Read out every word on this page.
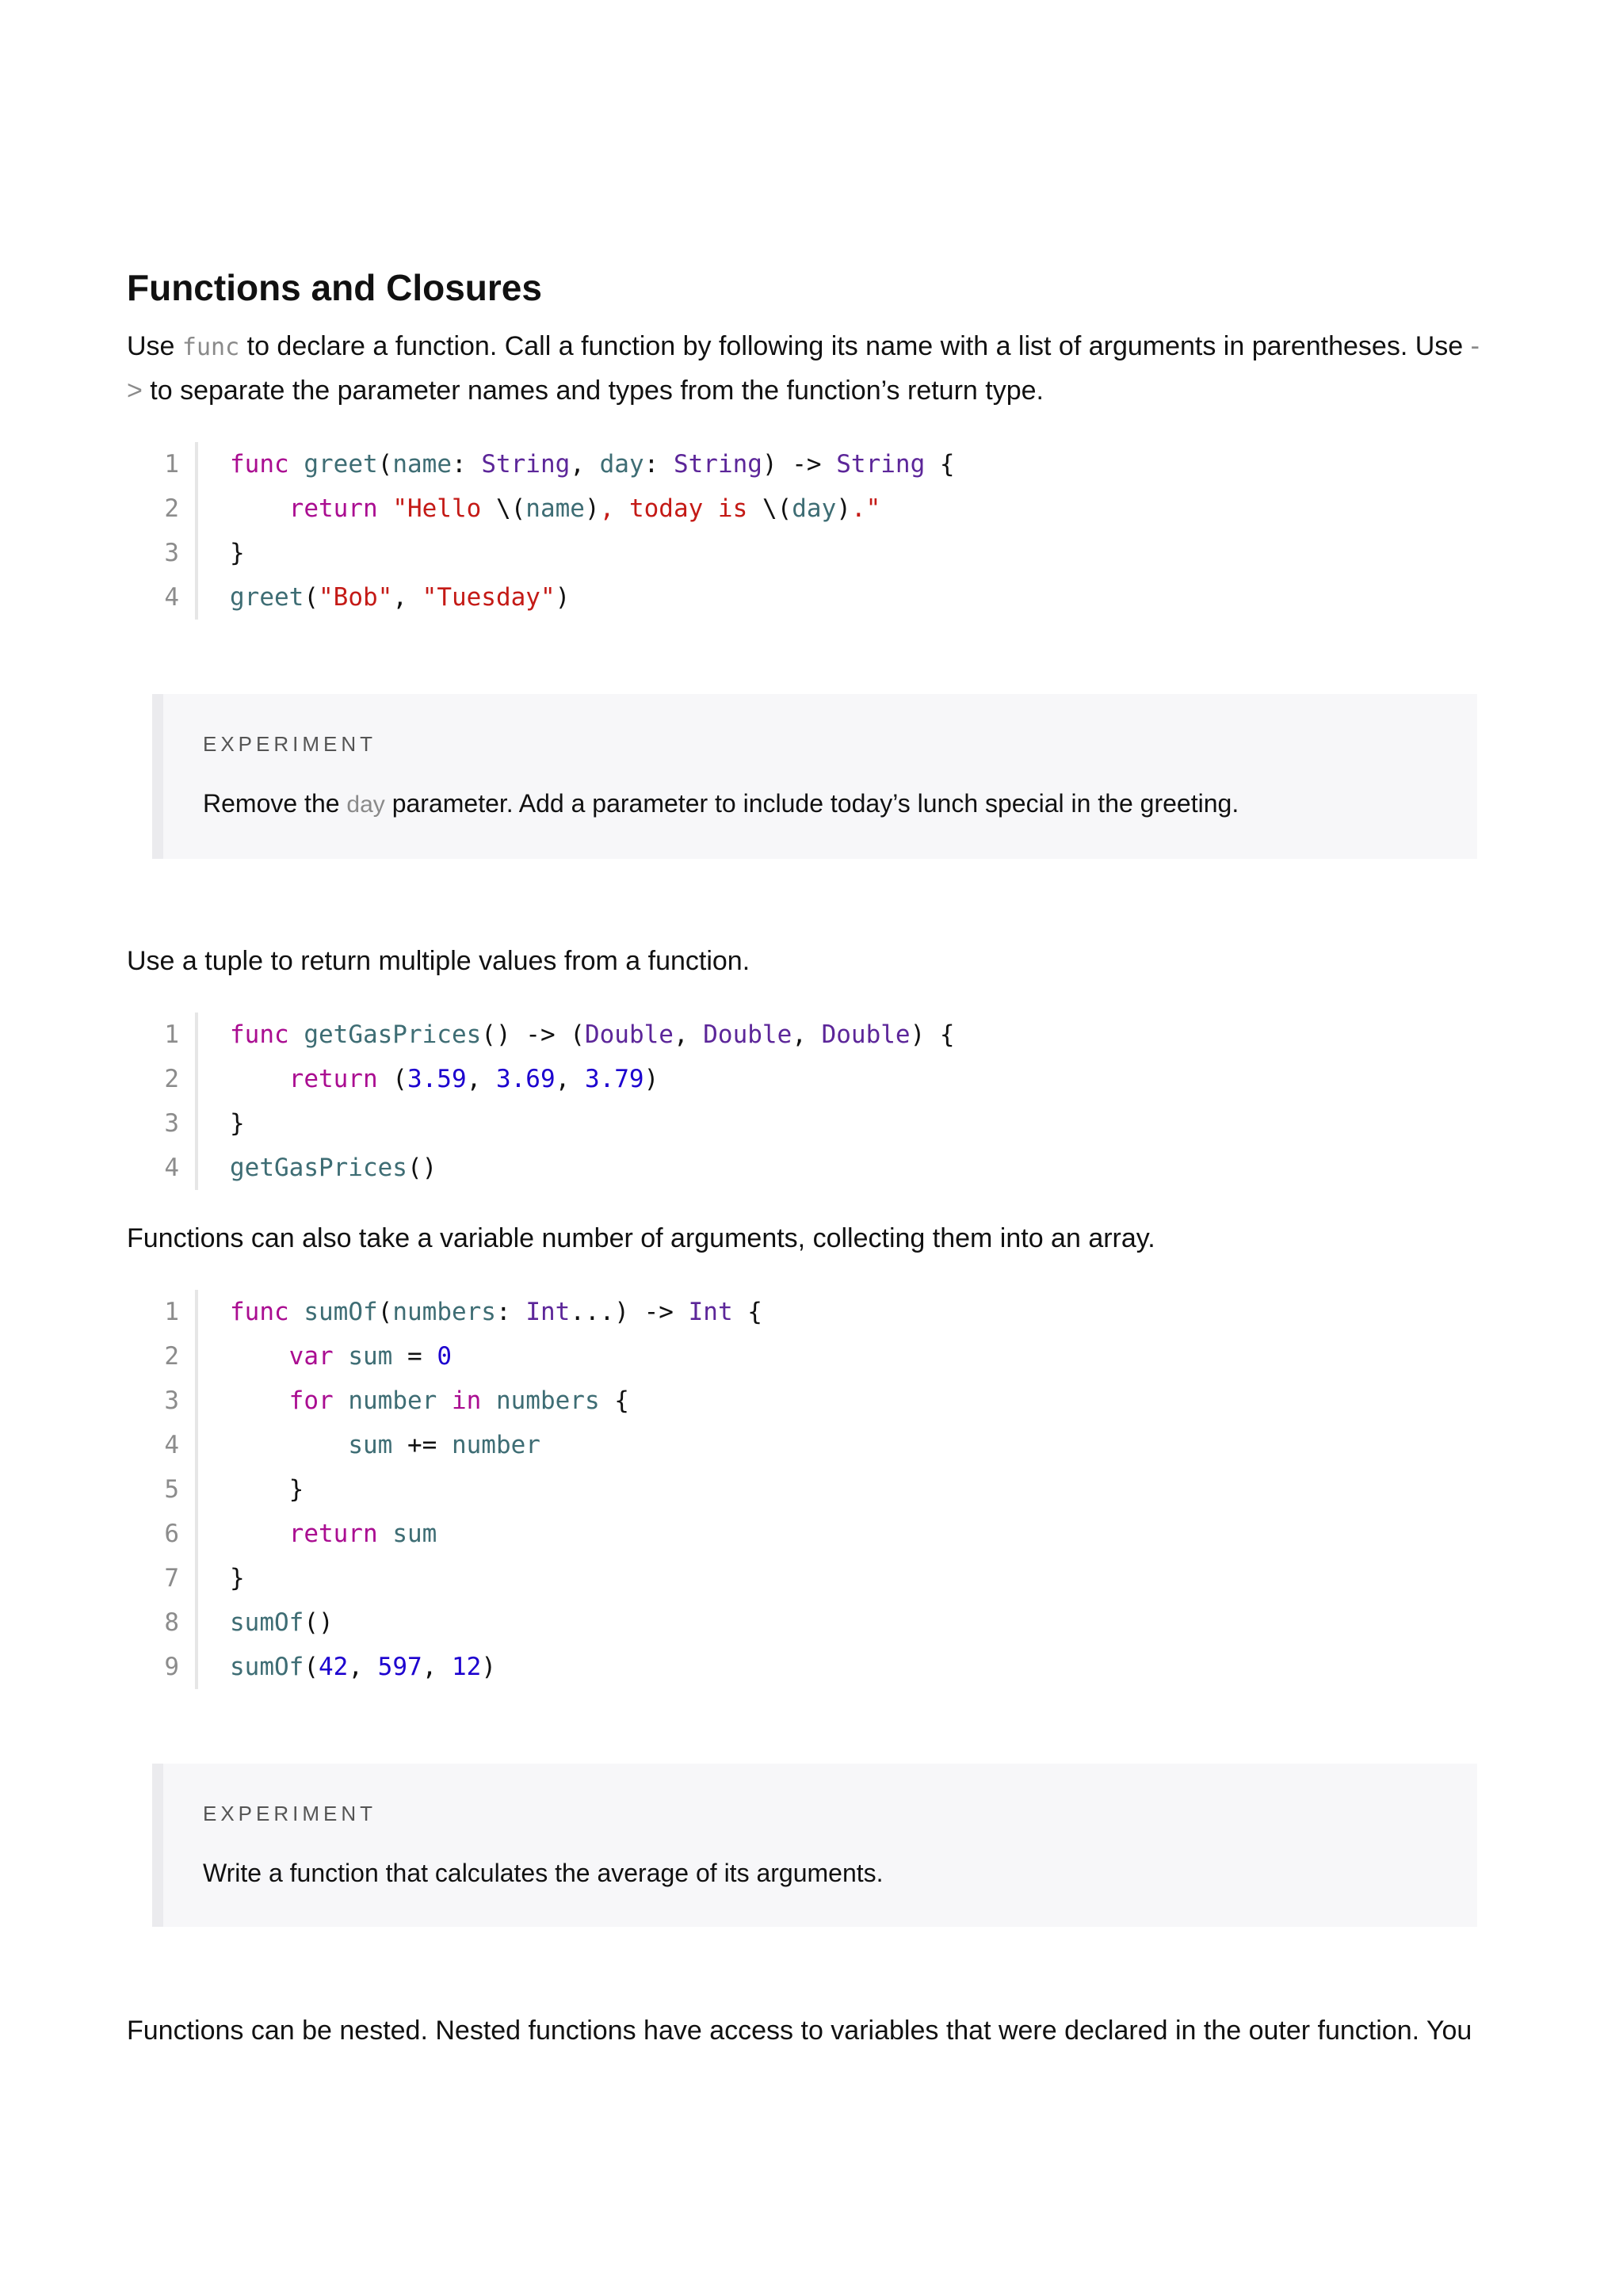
Functions and Closures

Use func to declare a function. Call a function by following its name with a list of arguments in parentheses. Use -> to separate the parameter names and types from the function’s return type.

1
2
3
4
func greet(name: String, day: String) -> String {
return "Hello \(name), today is \(day)."
}
greet("Bob", "Tuesday")
EXPERIMENT
Remove the day parameter. Add a parameter to include today’s lunch special in the greeting.

Use a tuple to return multiple values from a function.

1
2
3
4
func getGasPrices() -> (Double, Double, Double) {
return (3.59, 3.69, 3.79)
}
getGasPrices()

Functions can also take a variable number of arguments, collecting them into an array.

1
2
3
4
5
6
7
8
9
func sumOf(numbers: Int...) -> Int {
var sum = 0
for number in numbers {
sum += number
}
return sum
}
sumOf()
sumOf(42, 597, 12)
EXPERIMENT
Write a function that calculates the average of its arguments.

Functions can be nested. Nested functions have access to variables that were declared in the outer function. You
